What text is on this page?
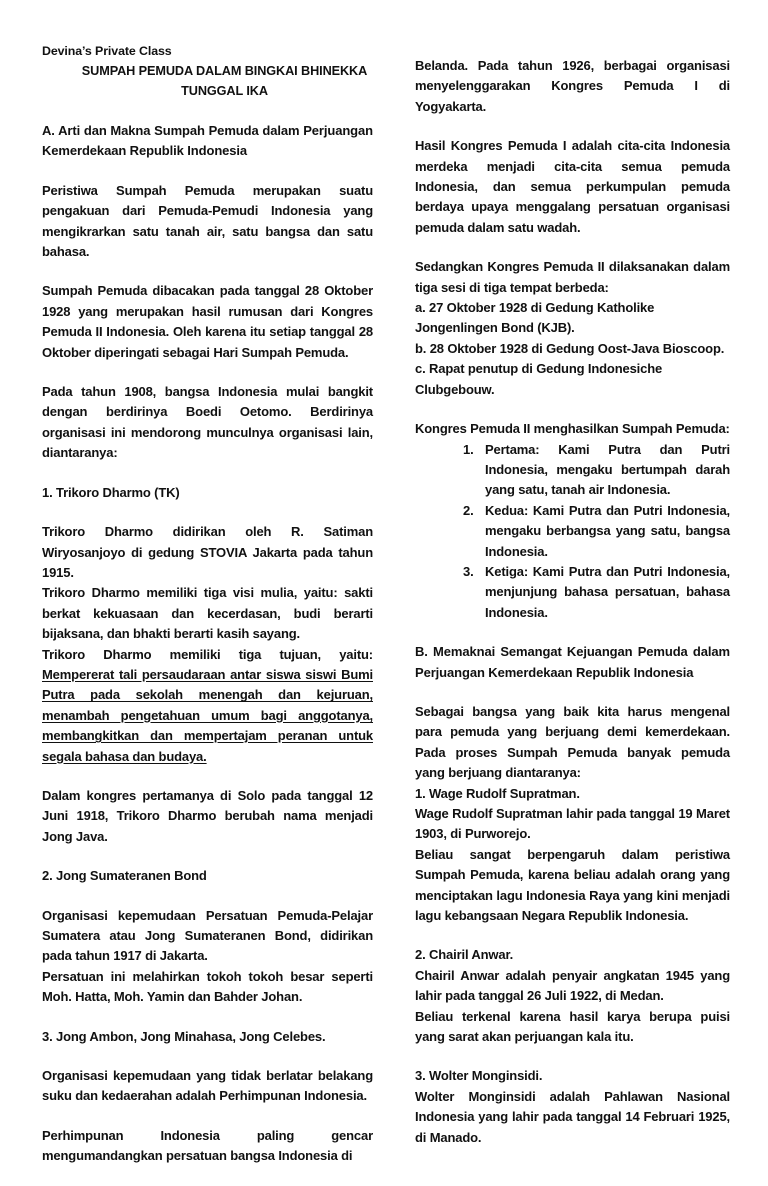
Devina’s Private Class
SUMPAH PEMUDA DALAM BINGKAI BHINEKKA
TUNGGAL IKA

A. Arti dan Makna Sumpah Pemuda dalam Perjuangan Kemerdekaan Republik Indonesia

Peristiwa Sumpah Pemuda merupakan suatu pengakuan dari Pemuda-Pemudi Indonesia yang mengikrarkan satu tanah air, satu bangsa dan satu bahasa.

Sumpah Pemuda dibacakan pada tanggal 28 Oktober 1928 yang merupakan hasil rumusan dari Kongres Pemuda II Indonesia. Oleh karena itu setiap tanggal 28 Oktober diperingati sebagai Hari Sumpah Pemuda.

Pada tahun 1908, bangsa Indonesia mulai bangkit dengan berdirinya Boedi Oetomo. Berdirinya organisasi ini mendorong munculnya organisasi lain, diantaranya:

1. Trikoro Dharmo (TK)

Trikoro Dharmo didirikan oleh R. Satiman Wiryosanjoyo di gedung STOVIA Jakarta pada tahun 1915.

Trikoro Dharmo memiliki tiga visi mulia, yaitu: sakti berkat kekuasaan dan kecerdasan, budi berarti bijaksana, dan bhakti berarti kasih sayang.

Trikoro Dharmo memiliki tiga tujuan, yaitu: Mempererat tali persaudaraan antar siswa siswi Bumi Putra pada sekolah menengah dan kejuruan, menambah pengetahuan umum bagi anggotanya, membangkitkan dan mempertajam peranan untuk segala bahasa dan budaya.

Dalam kongres pertamanya di Solo pada tanggal 12 Juni 1918, Trikoro Dharmo berubah nama menjadi Jong Java.

2. Jong Sumateranen Bond

Organisasi kepemudaan Persatuan Pemuda-Pelajar Sumatera atau Jong Sumateranen Bond, didirikan pada tahun 1917 di Jakarta.

Persatuan ini melahirkan tokoh tokoh besar seperti Moh. Hatta, Moh. Yamin dan Bahder Johan.

3. Jong Ambon, Jong Minahasa, Jong Celebes.

Organisasi kepemudaan yang tidak berlatar belakang suku dan kedaerahan adalah Perhimpunan Indonesia.

Perhimpunan Indonesia paling gencar mengumandangkan persatuan bangsa Indonesia di

Belanda. Pada tahun 1926, berbagai organisasi menyelenggarakan Kongres Pemuda I di Yogyakarta.

Hasil Kongres Pemuda I adalah cita-cita Indonesia merdeka menjadi cita-cita semua pemuda Indonesia, dan semua perkumpulan pemuda berdaya upaya menggalang persatuan organisasi pemuda dalam satu wadah.

Sedangkan Kongres Pemuda II dilaksanakan dalam tiga sesi di tiga tempat berbeda:

a. 27 Oktober 1928 di Gedung Katholike Jongenlingen Bond (KJB).

b. 28 Oktober 1928 di Gedung Oost-Java Bioscoop.

c. Rapat penutup di Gedung Indonesiche Clubgebouw.

Kongres Pemuda II menghasilkan Sumpah Pemuda:

Pertama: Kami Putra dan Putri Indonesia, mengaku bertumpah darah yang satu, tanah air Indonesia.
Kedua: Kami Putra dan Putri Indonesia, mengaku berbangsa yang satu, bangsa Indonesia.
Ketiga: Kami Putra dan Putri Indonesia, menjunjung bahasa persatuan, bahasa Indonesia.

B. Memaknai Semangat Kejuangan Pemuda dalam Perjuangan Kemerdekaan Republik Indonesia

Sebagai bangsa yang baik kita harus mengenal para pemuda yang berjuang demi kemerdekaan. Pada proses Sumpah Pemuda banyak pemuda yang berjuang diantaranya:

1. Wage Rudolf Supratman.

Wage Rudolf Supratman lahir pada tanggal 19 Maret 1903, di Purworejo.

Beliau sangat berpengaruh dalam peristiwa Sumpah Pemuda, karena beliau adalah orang yang menciptakan lagu Indonesia Raya yang kini menjadi lagu kebangsaan Negara Republik Indonesia.

2. Chairil Anwar.

Chairil Anwar adalah penyair angkatan 1945 yang lahir pada tanggal 26 Juli 1922, di Medan.

Beliau terkenal karena hasil karya berupa puisi yang sarat akan perjuangan kala itu.

3. Wolter Monginsidi.

Wolter Monginsidi adalah Pahlawan Nasional Indonesia yang lahir pada tanggal 14 Februari 1925, di Manado.
